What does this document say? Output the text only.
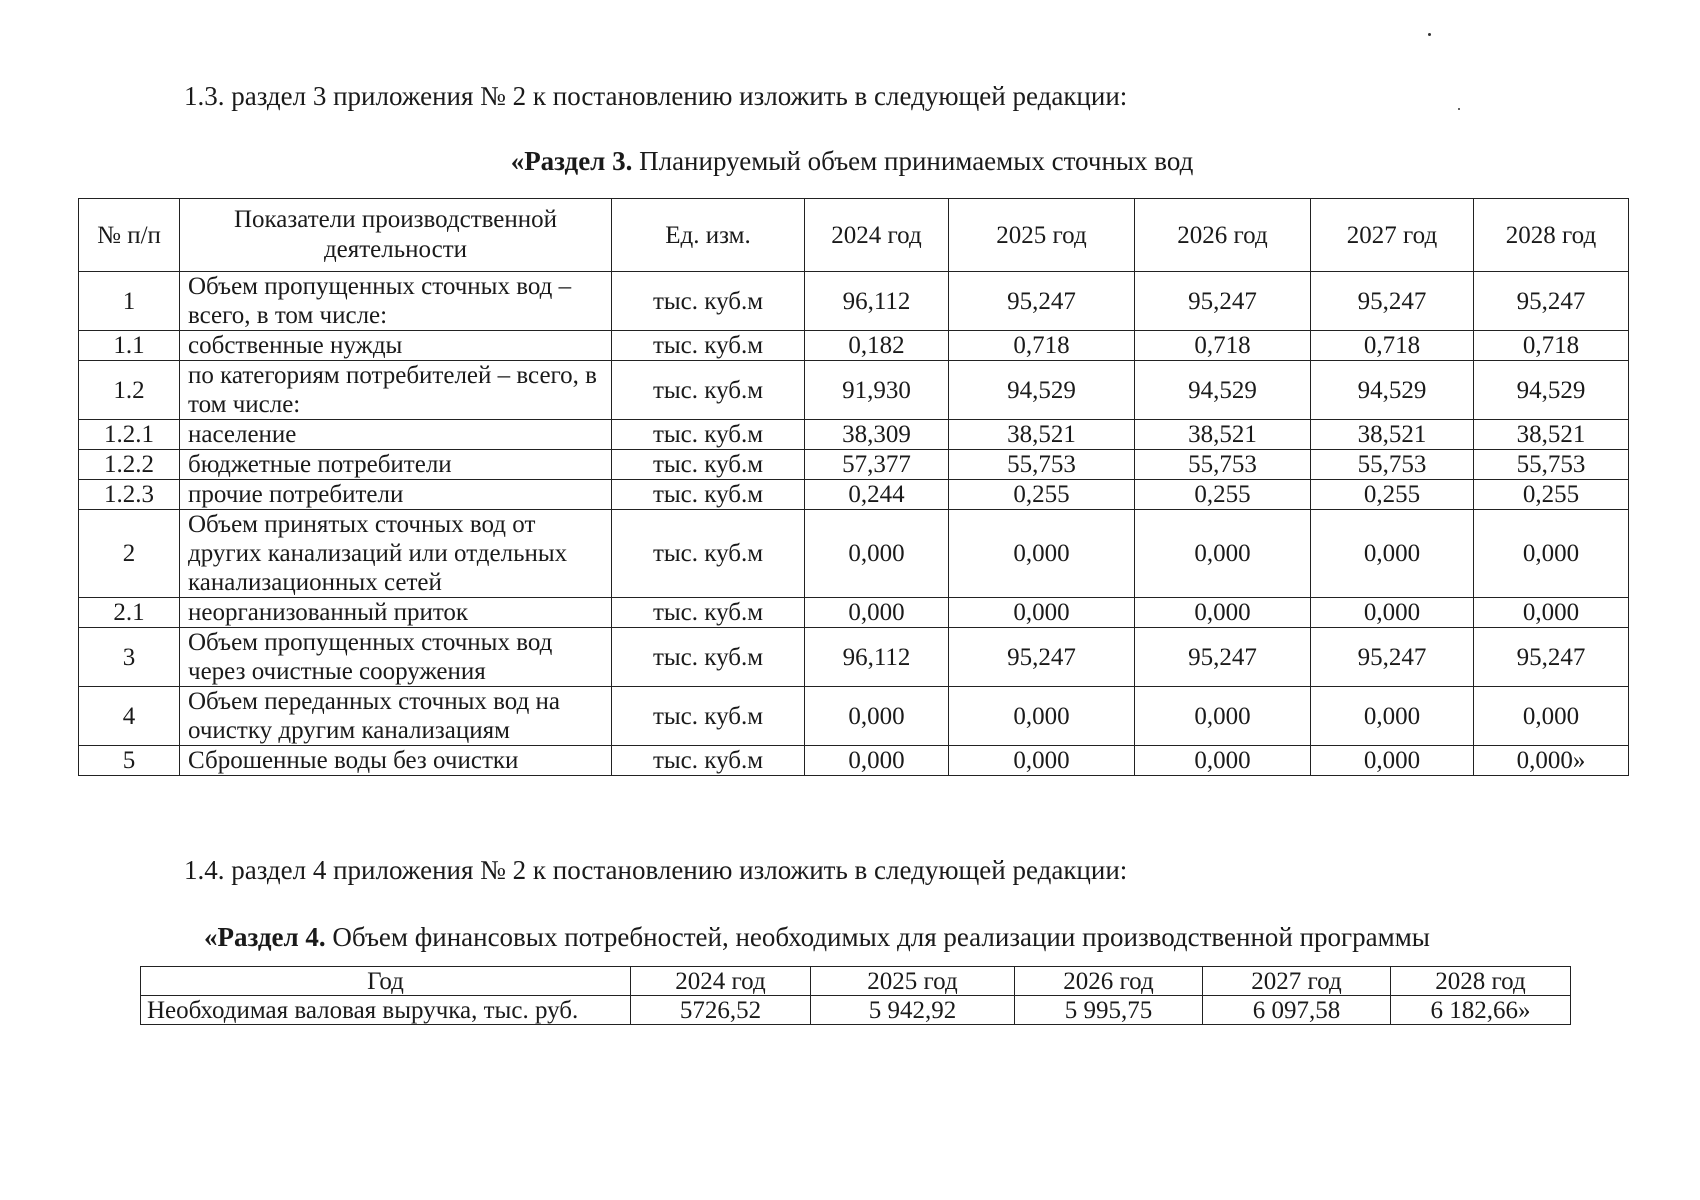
1.3. раздел 3 приложения № 2 к постановлению изложить в следующей редакции:
«Раздел 3. Планируемый объем принимаемых сточных вод
№ п/п	Показатели производственной деятельности	Ед. изм.	2024 год	2025 год	2026 год	2027 год	2028 год
1	Объем пропущенных сточных вод – всего, в том числе:	тыс. куб.м	96,112	95,247	95,247	95,247	95,247
1.1	собственные нужды	тыс. куб.м	0,182	0,718	0,718	0,718	0,718
1.2	по категориям потребителей – всего, в том числе:	тыс. куб.м	91,930	94,529	94,529	94,529	94,529
1.2.1	население	тыс. куб.м	38,309	38,521	38,521	38,521	38,521
1.2.2	бюджетные потребители	тыс. куб.м	57,377	55,753	55,753	55,753	55,753
1.2.3	прочие потребители	тыс. куб.м	0,244	0,255	0,255	0,255	0,255
2	Объем принятых сточных вод от других канализаций или отдельных канализационных сетей	тыс. куб.м	0,000	0,000	0,000	0,000	0,000
2.1	неорганизованный приток	тыс. куб.м	0,000	0,000	0,000	0,000	0,000
3	Объем пропущенных сточных вод через очистные сооружения	тыс. куб.м	96,112	95,247	95,247	95,247	95,247
4	Объем переданных сточных вод на очистку другим канализациям	тыс. куб.м	0,000	0,000	0,000	0,000	0,000
5	Сброшенные воды без очистки	тыс. куб.м	0,000	0,000	0,000	0,000	0,000»
1.4. раздел 4 приложения № 2 к постановлению изложить в следующей редакции:
«Раздел 4. Объем финансовых потребностей, необходимых для реализации производственной программы
Год	2024 год	2025 год	2026 год	2027 год	2028 год
Необходимая валовая выручка, тыс. руб.	5726,52	5 942,92	5 995,75	6 097,58	6 182,66»
